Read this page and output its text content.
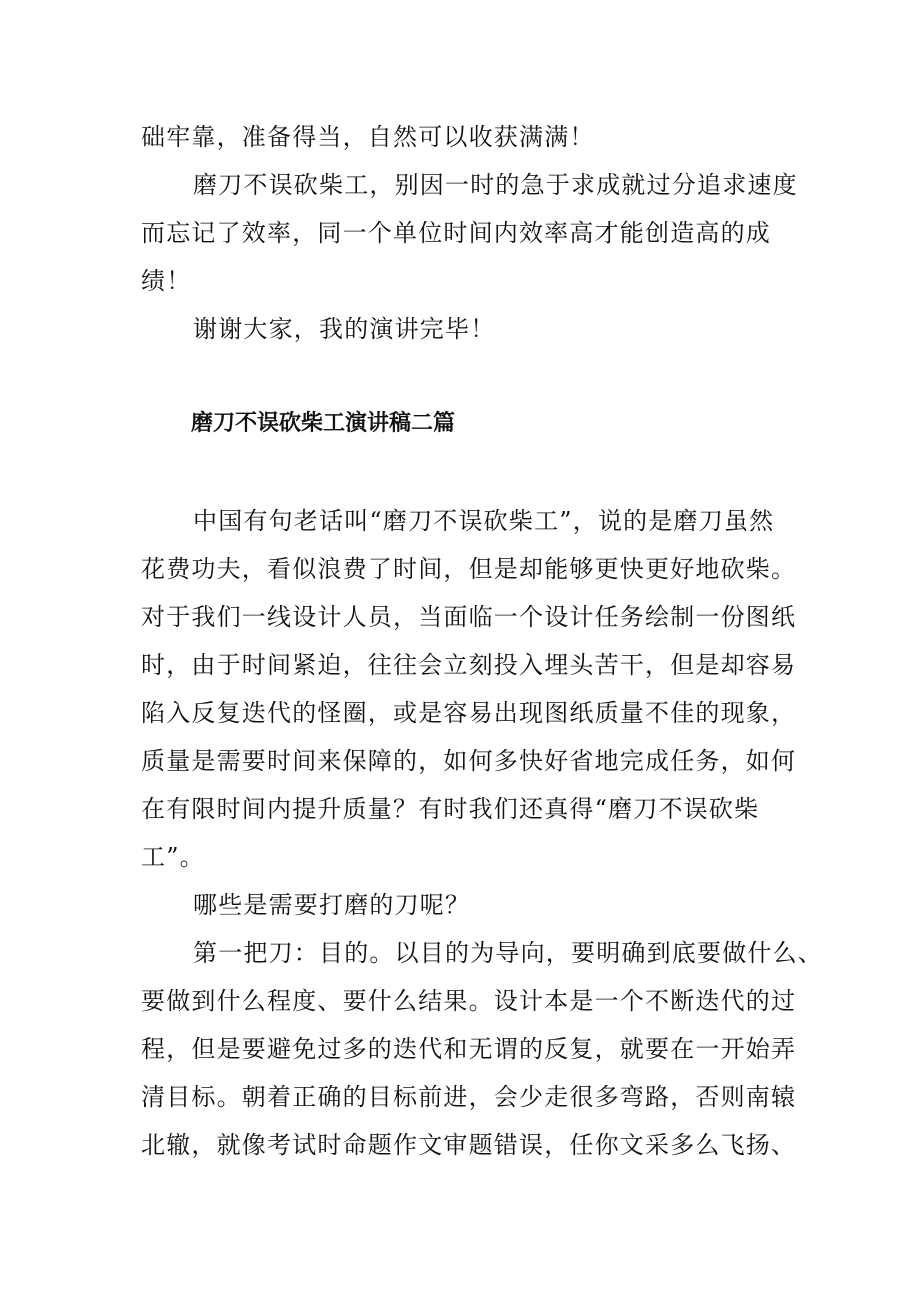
础牢靠，准备得当，自然可以收获满满！
磨刀不误砍柴工，别因一时的急于求成就过分追求速度
而忘记了效率，同一个单位时间内效率高才能创造高的成
绩！
谢谢大家，我的演讲完毕！
磨刀不误砍柴工演讲稿二篇
中国有句老话叫“磨刀不误砍柴工”，说的是磨刀虽然
花费功夫，看似浪费了时间，但是却能够更快更好地砍柴。
对于我们一线设计人员，当面临一个设计任务绘制一份图纸
时，由于时间紧迫，往往会立刻投入埋头苦干，但是却容易
陷入反复迭代的怪圈，或是容易出现图纸质量不佳的现象，
质量是需要时间来保障的，如何多快好省地完成任务，如何
在有限时间内提升质量？有时我们还真得“磨刀不误砍柴
工”。
哪些是需要打磨的刀呢？
第一把刀：目的。以目的为导向，要明确到底要做什么、
要做到什么程度、要什么结果。设计本是一个不断迭代的过
程，但是要避免过多的迭代和无谓的反复，就要在一开始弄
清目标。朝着正确的目标前进，会少走很多弯路，否则南辕
北辙，就像考试时命题作文审题错误，任你文采多么飞扬、
